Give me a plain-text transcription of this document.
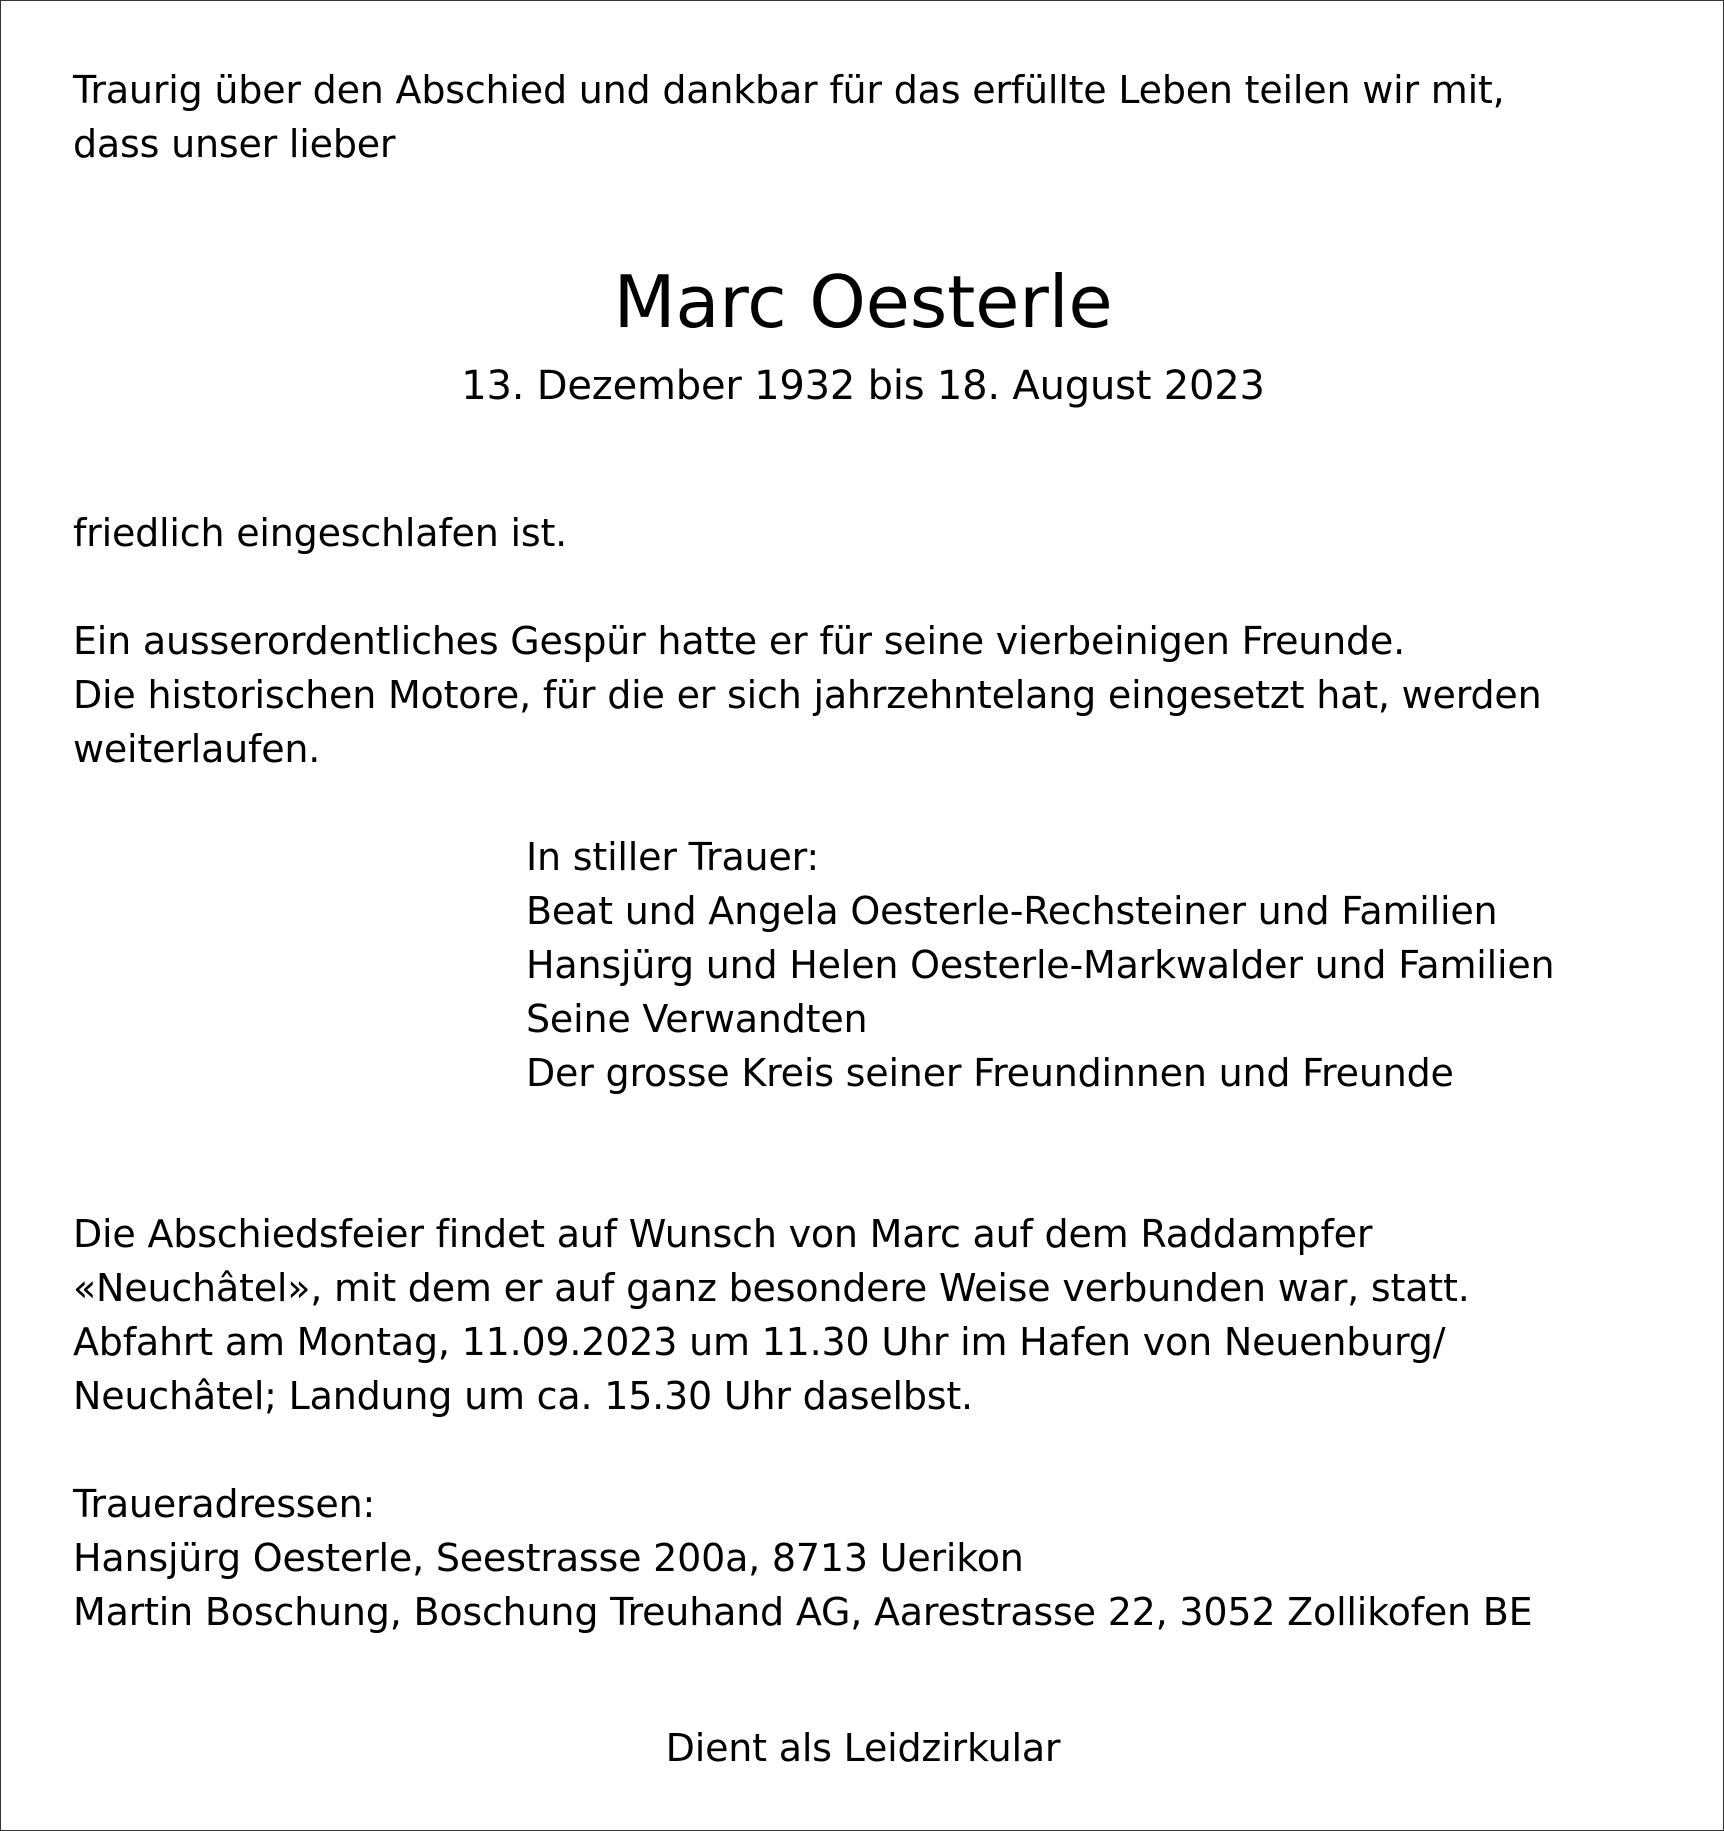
Traurig über den Abschied und dankbar für das erfüllte Leben teilen wir mit,

dass unser lieber

Marc Oesterle

13. Dezember 1932 bis 18. August 2023

friedlich eingeschlafen ist.

Ein ausserordentliches Gespür hatte er für seine vierbeinigen Freunde.

Die historischen Motore, für die er sich jahrzehntelang eingesetzt hat, werden

weiterlaufen.

In stiller Trauer:

Beat und Angela Oesterle-Rechsteiner und Familien

Hansjürg und Helen Oesterle-Markwalder und Familien

Seine Verwandten

Der grosse Kreis seiner Freundinnen und Freunde

Die Abschiedsfeier findet auf Wunsch von Marc auf dem Raddampfer

«Neuchâtel», mit dem er auf ganz besondere Weise verbunden war, statt.

Abfahrt am Montag, 11.09.2023 um 11.30 Uhr im Hafen von Neuenburg/

Neuchâtel; Landung um ca. 15.30 Uhr daselbst.

Traueradressen:

Hansjürg Oesterle, Seestrasse 200a, 8713 Uerikon

Martin Boschung, Boschung Treuhand AG, Aarestrasse 22, 3052 Zollikofen BE

Dient als Leidzirkular
